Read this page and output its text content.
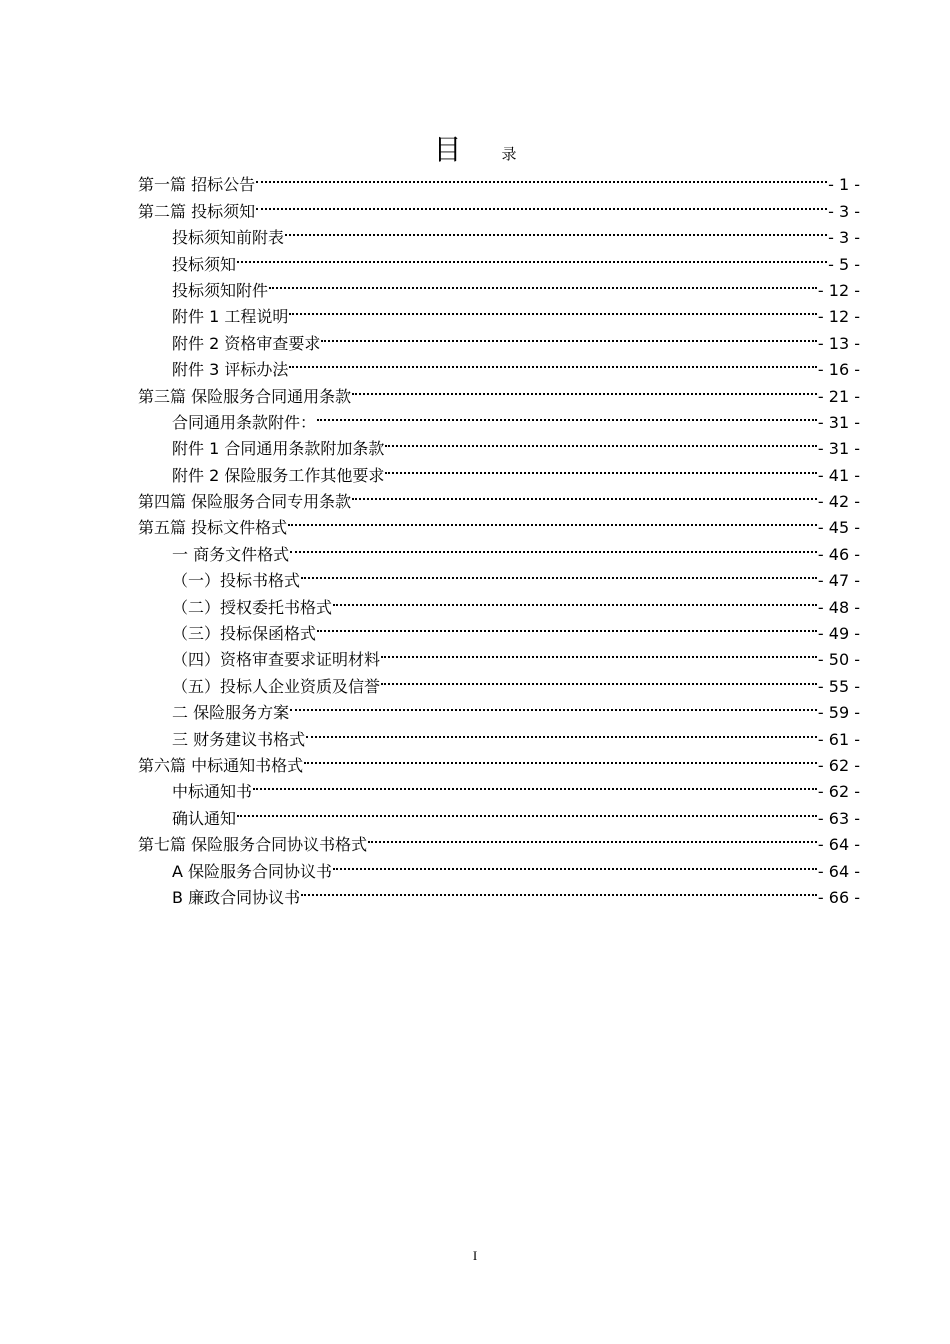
目	录
第一篇 招标公告	- 1 -
第二篇 投标须知	- 3 -
投标须知前附表	- 3 -
投标须知	- 5 -
投标须知附件	- 12 -
附件 1 工程说明	- 12 -
附件 2 资格审查要求	- 13 -
附件 3 评标办法	- 16 -
第三篇 保险服务合同通用条款	- 21 -
合同通用条款附件：	- 31 -
附件 1 合同通用条款附加条款	- 31 -
附件 2 保险服务工作其他要求	- 41 -
第四篇 保险服务合同专用条款	- 42 -
第五篇 投标文件格式	- 45 -
一 商务文件格式	- 46 -
（一）投标书格式	- 47 -
（二）授权委托书格式	- 48 -
（三）投标保函格式	- 49 -
（四）资格审查要求证明材料	- 50 -
（五）投标人企业资质及信誉	- 55 -
二 保险服务方案	- 59 -
三 财务建议书格式	- 61 -
第六篇 中标通知书格式	- 62 -
中标通知书	- 62 -
确认通知	- 63 -
第七篇 保险服务合同协议书格式	- 64 -
A 保险服务合同协议书	- 64 -
B 廉政合同协议书	- 66 -
I
